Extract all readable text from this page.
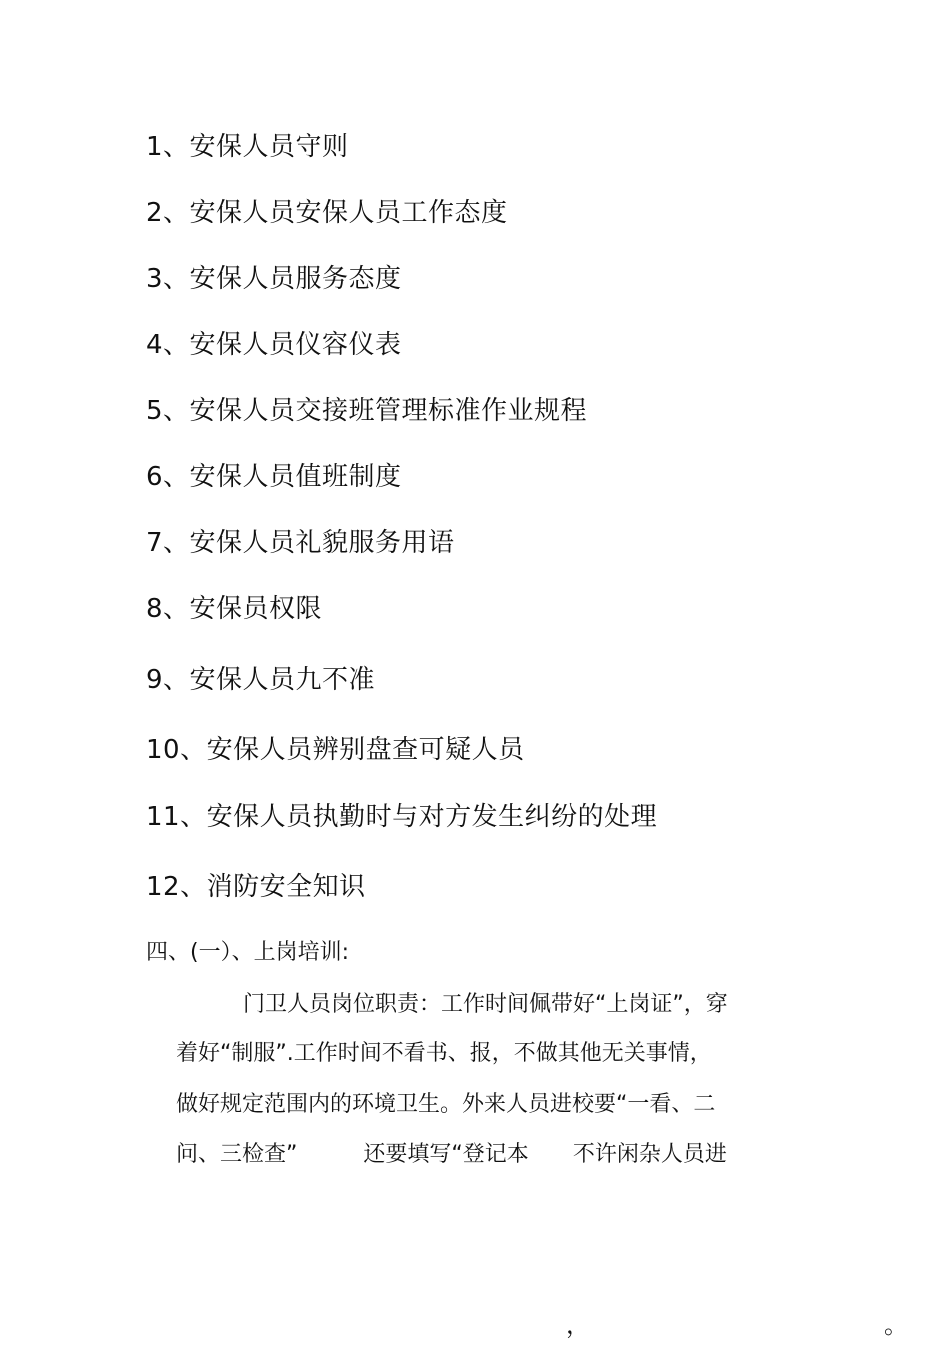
1、安保人员守则
2、安保人员安保人员工作态度
3、安保人员服务态度
4、安保人员仪容仪表
5、安保人员交接班管理标准作业规程
6、安保人员值班制度
7、安保人员礼貌服务用语
8、安保员权限
9、安保人员九不准
10、安保人员辨别盘查可疑人员
11、安保人员执勤时与对方发生纠纷的处理
12、消防安全知识
四、(一）、上岗培训:
门卫人员岗位职责：工作时间佩带好“上岗证”，穿
着好“制服”.工作时间不看书、报，不做其他无关事情，
做好规定范围内的环境卫生。外来人员进校要“一看、二
问、三检查”	还要填写“登记本 不许闲杂人员进
，	。
